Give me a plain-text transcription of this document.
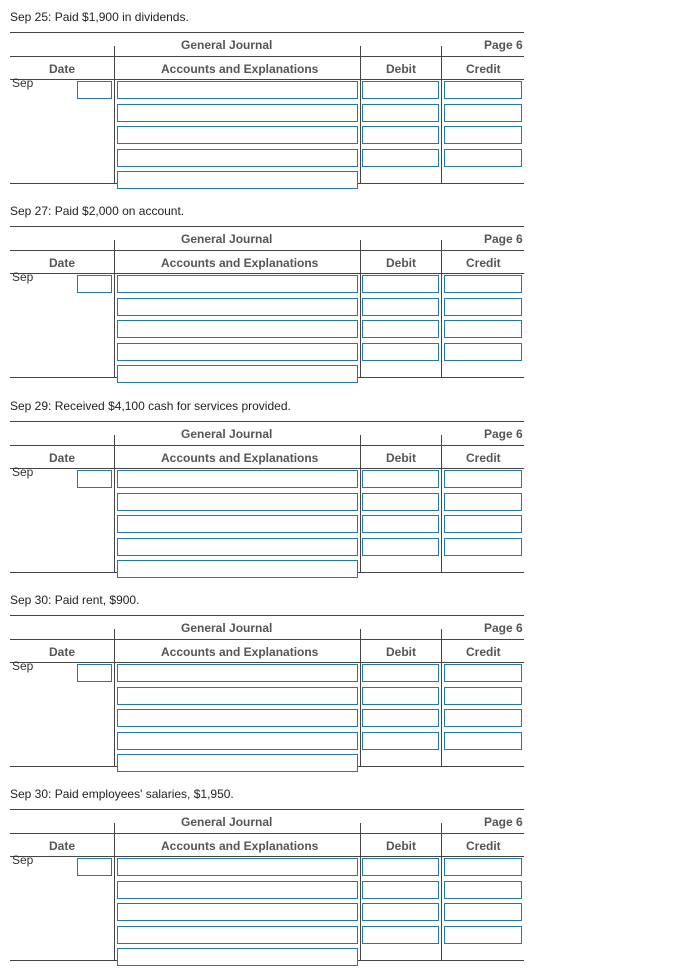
Sep 25: Paid $1,900 in dividends.
General Journal	Page 6
Date	Accounts and Explanations	Debit	Credit
Sep
Sep 27: Paid $2,000 on account.
General Journal	Page 6
Date	Accounts and Explanations	Debit	Credit
Sep
Sep 29: Received $4,100 cash for services provided.
General Journal	Page 6
Date	Accounts and Explanations	Debit	Credit
Sep
Sep 30: Paid rent, $900.
General Journal	Page 6
Date	Accounts and Explanations	Debit	Credit
Sep
Sep 30: Paid employees' salaries, $1,950.
General Journal	Page 6
Date	Accounts and Explanations	Debit	Credit
Sep
